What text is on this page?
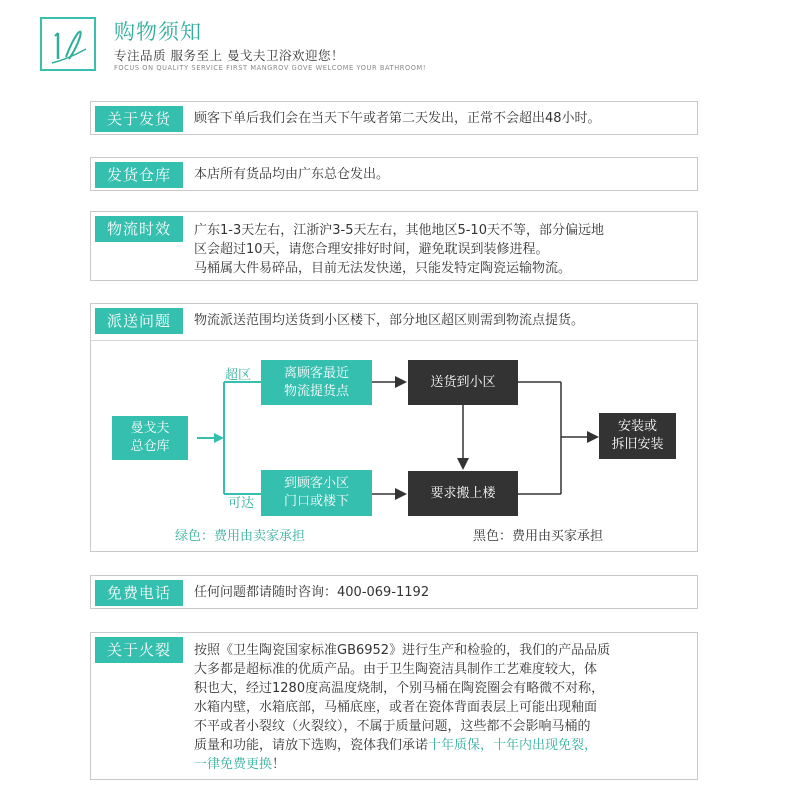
购物须知
专注品质 服务至上 曼戈夫卫浴欢迎您！
FOCUS ON QUALITY SERVICE FIRST MANGROV GOVE WELCOME YOUR BATHROOM!
关于发货	顾客下单后我们会在当天下午或者第二天发出，正常不会超出48小时。
发货仓库	本店所有货品均由广东总仓发出。
物流时效	广东1-3天左右，江浙沪3-5天左右，其他地区5-10天不等，部分偏远地
区会超过10天，请您合理安排好时间，避免耽误到装修进程。
马桶属大件易碎品，目前无法发快递，只能发特定陶瓷运输物流。
派送问题	物流派送范围均送货到小区楼下，部分地区超区则需到物流点提货。
曼戈夫
总仓库
超区
可达
离顾客最近
物流提货点
到顾客小区
门口或楼下
送货到小区
要求搬上楼
安装或
拆旧安装
绿色：费用由卖家承担	黑色：费用由买家承担
免费电话	任何问题都请随时咨询：400-069-1192
关于火裂	按照《卫生陶瓷国家标准GB6952》进行生产和检验的，我们的产品品质
大多都是超标准的优质产品。由于卫生陶瓷洁具制作工艺难度较大，体
积也大，经过1280度高温度烧制，个别马桶在陶瓷圈会有略微不对称，
水箱内壁，水箱底部，马桶底座，或者在瓷体背面表层上可能出现釉面
不平或者小裂纹（火裂纹），不属于质量问题，这些都不会影响马桶的
质量和功能，请放下选购，瓷体我们承诺十年质保，十年内出现免裂，
一律免费更换！
